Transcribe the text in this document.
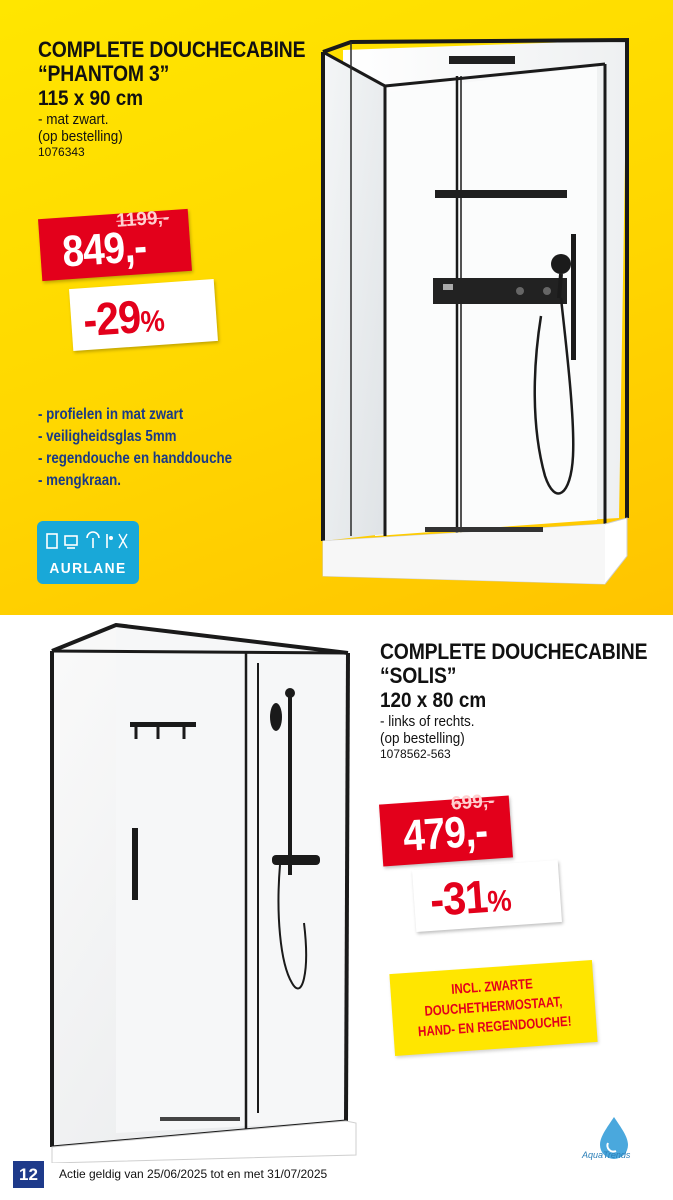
COMPLETE DOUCHECABINE
“PHANTOM 3”
115 x 90 cm
- mat zwart.
(op bestelling)
1076343
1199,-
849,-
-29%
- profielen in mat zwart
- veiligheidsglas 5mm
- regendouche en handdouche
- mengkraan.
AURLANE
COMPLETE DOUCHECABINE
“SOLIS”
120 x 80 cm
- links of rechts.
(op bestelling)
1078562-563
699,-
479,-
-31%
INCL. ZWARTE
DOUCHETHERMOSTAAT,
HAND- EN REGENDOUCHE!
AquaTrends
12	Actie geldig van 25/06/2025 tot en met 31/07/2025
